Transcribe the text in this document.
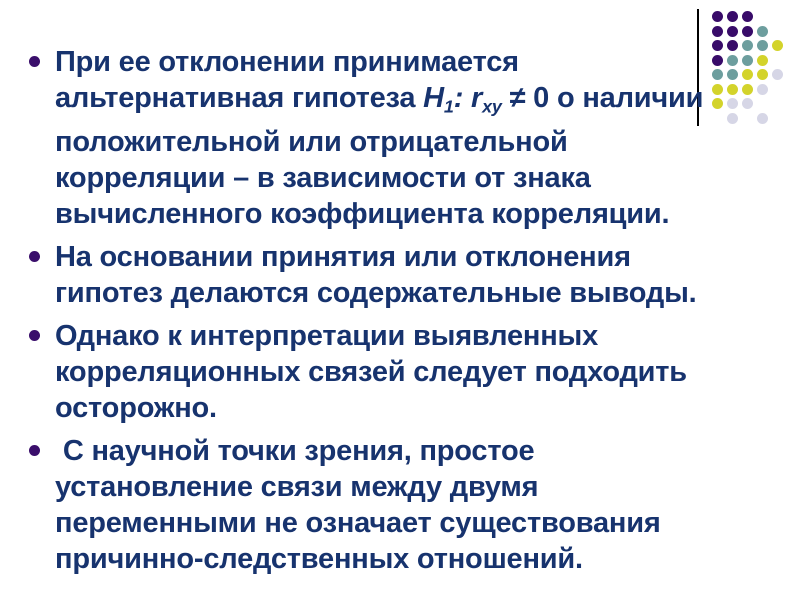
При ее отклонении принимается
альтернативная гипотеза $H_1$: $r_{xy} \ne 0$ о наличии
положительной или отрицательной
корреляции – в зависимости от знака
вычисленного коэффициента корреляции.
На основании принятия или отклонения
гипотез делаются содержательные выводы.
Однако к интерпретации выявленных
корреляционных связей следует подходить
осторожно.
С научной точки зрения, простое
установление связи между двумя
переменными не означает существования
причинно-следственных отношений.
